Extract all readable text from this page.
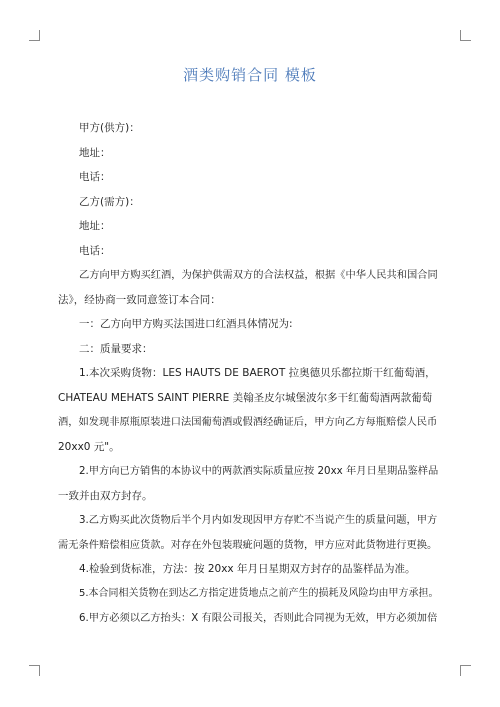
酒类购销合同 模板
甲方(供方)：
地址：
电话：
乙方(需方)：
地址：
电话：
乙方向甲方购买红酒，为保护供需双方的合法权益，根据《中华人民共和国合同
法》，经协商一致同意签订本合同：
一：乙方向甲方购买法国进口红酒具体情况为:
二：质量要求：
1.本次采购货物：LES HAUTS DE BAEROT 拉奥德贝乐都拉斯干红葡萄酒，
CHATEAU MEHATS SAINT PIERRE 美翰圣皮尔城堡波尔多干红葡萄酒两款葡萄
酒，如发现非原瓶原装进口法国葡萄酒或假酒经确证后，甲方向乙方每瓶赔偿人民币
20xx0 元"。
2.甲方向已方销售的本协议中的两款酒实际质量应按 20xx 年月日星期品鉴样品
一致并由双方封存。
3.乙方购买此次货物后半个月内如发现因甲方存贮不当说产生的质量问题，甲方
需无条件赔偿相应货款。对存在外包装瑕疵问题的货物，甲方应对此货物进行更换。
4.检验到货标准，方法：按 20xx 年月日星期双方封存的品鉴样品为准。
5.本合同相关货物在到达乙方指定进货地点之前产生的损耗及风险均由甲方承担。
6.甲方必须以乙方抬头：X 有限公司报关，否则此合同视为无效，甲方必须加倍
